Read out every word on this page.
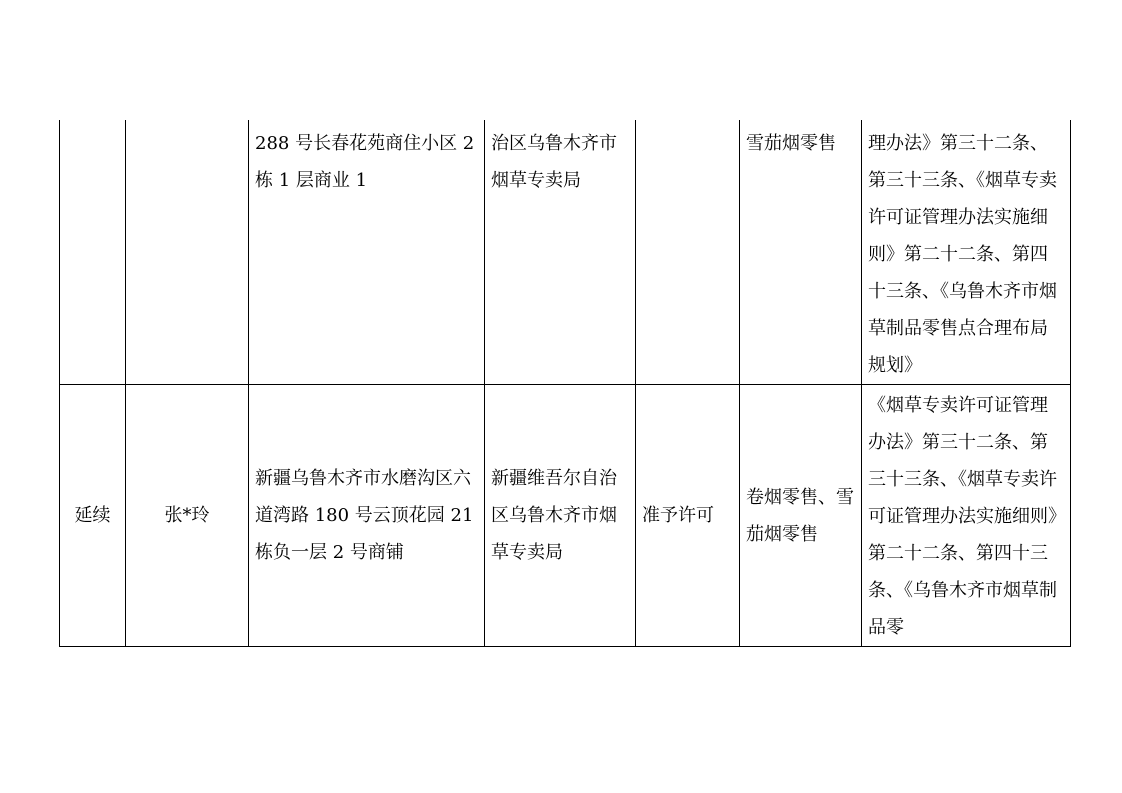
		288 号长春花苑商住小区 2 栋 1 层商业 1	治区乌鲁木齐市烟草专卖局		雪茄烟零售	理办法》第三十二条、第三十三条、《烟草专卖许可证管理办法实施细则》第二十二条、第四十三条、《乌鲁木齐市烟草制品零售点合理布局规划》
延续	张*玲	新疆乌鲁木齐市水磨沟区六道湾路 180 号云顶花园 21 栋负一层 2 号商铺	新疆维吾尔自治区乌鲁木齐市烟草专卖局	准予许可	卷烟零售、雪茄烟零售	《烟草专卖许可证管理办法》第三十二条、第三十三条、《烟草专卖许可证管理办法实施细则》第二十二条、第四十三条、《乌鲁木齐市烟草制品零
